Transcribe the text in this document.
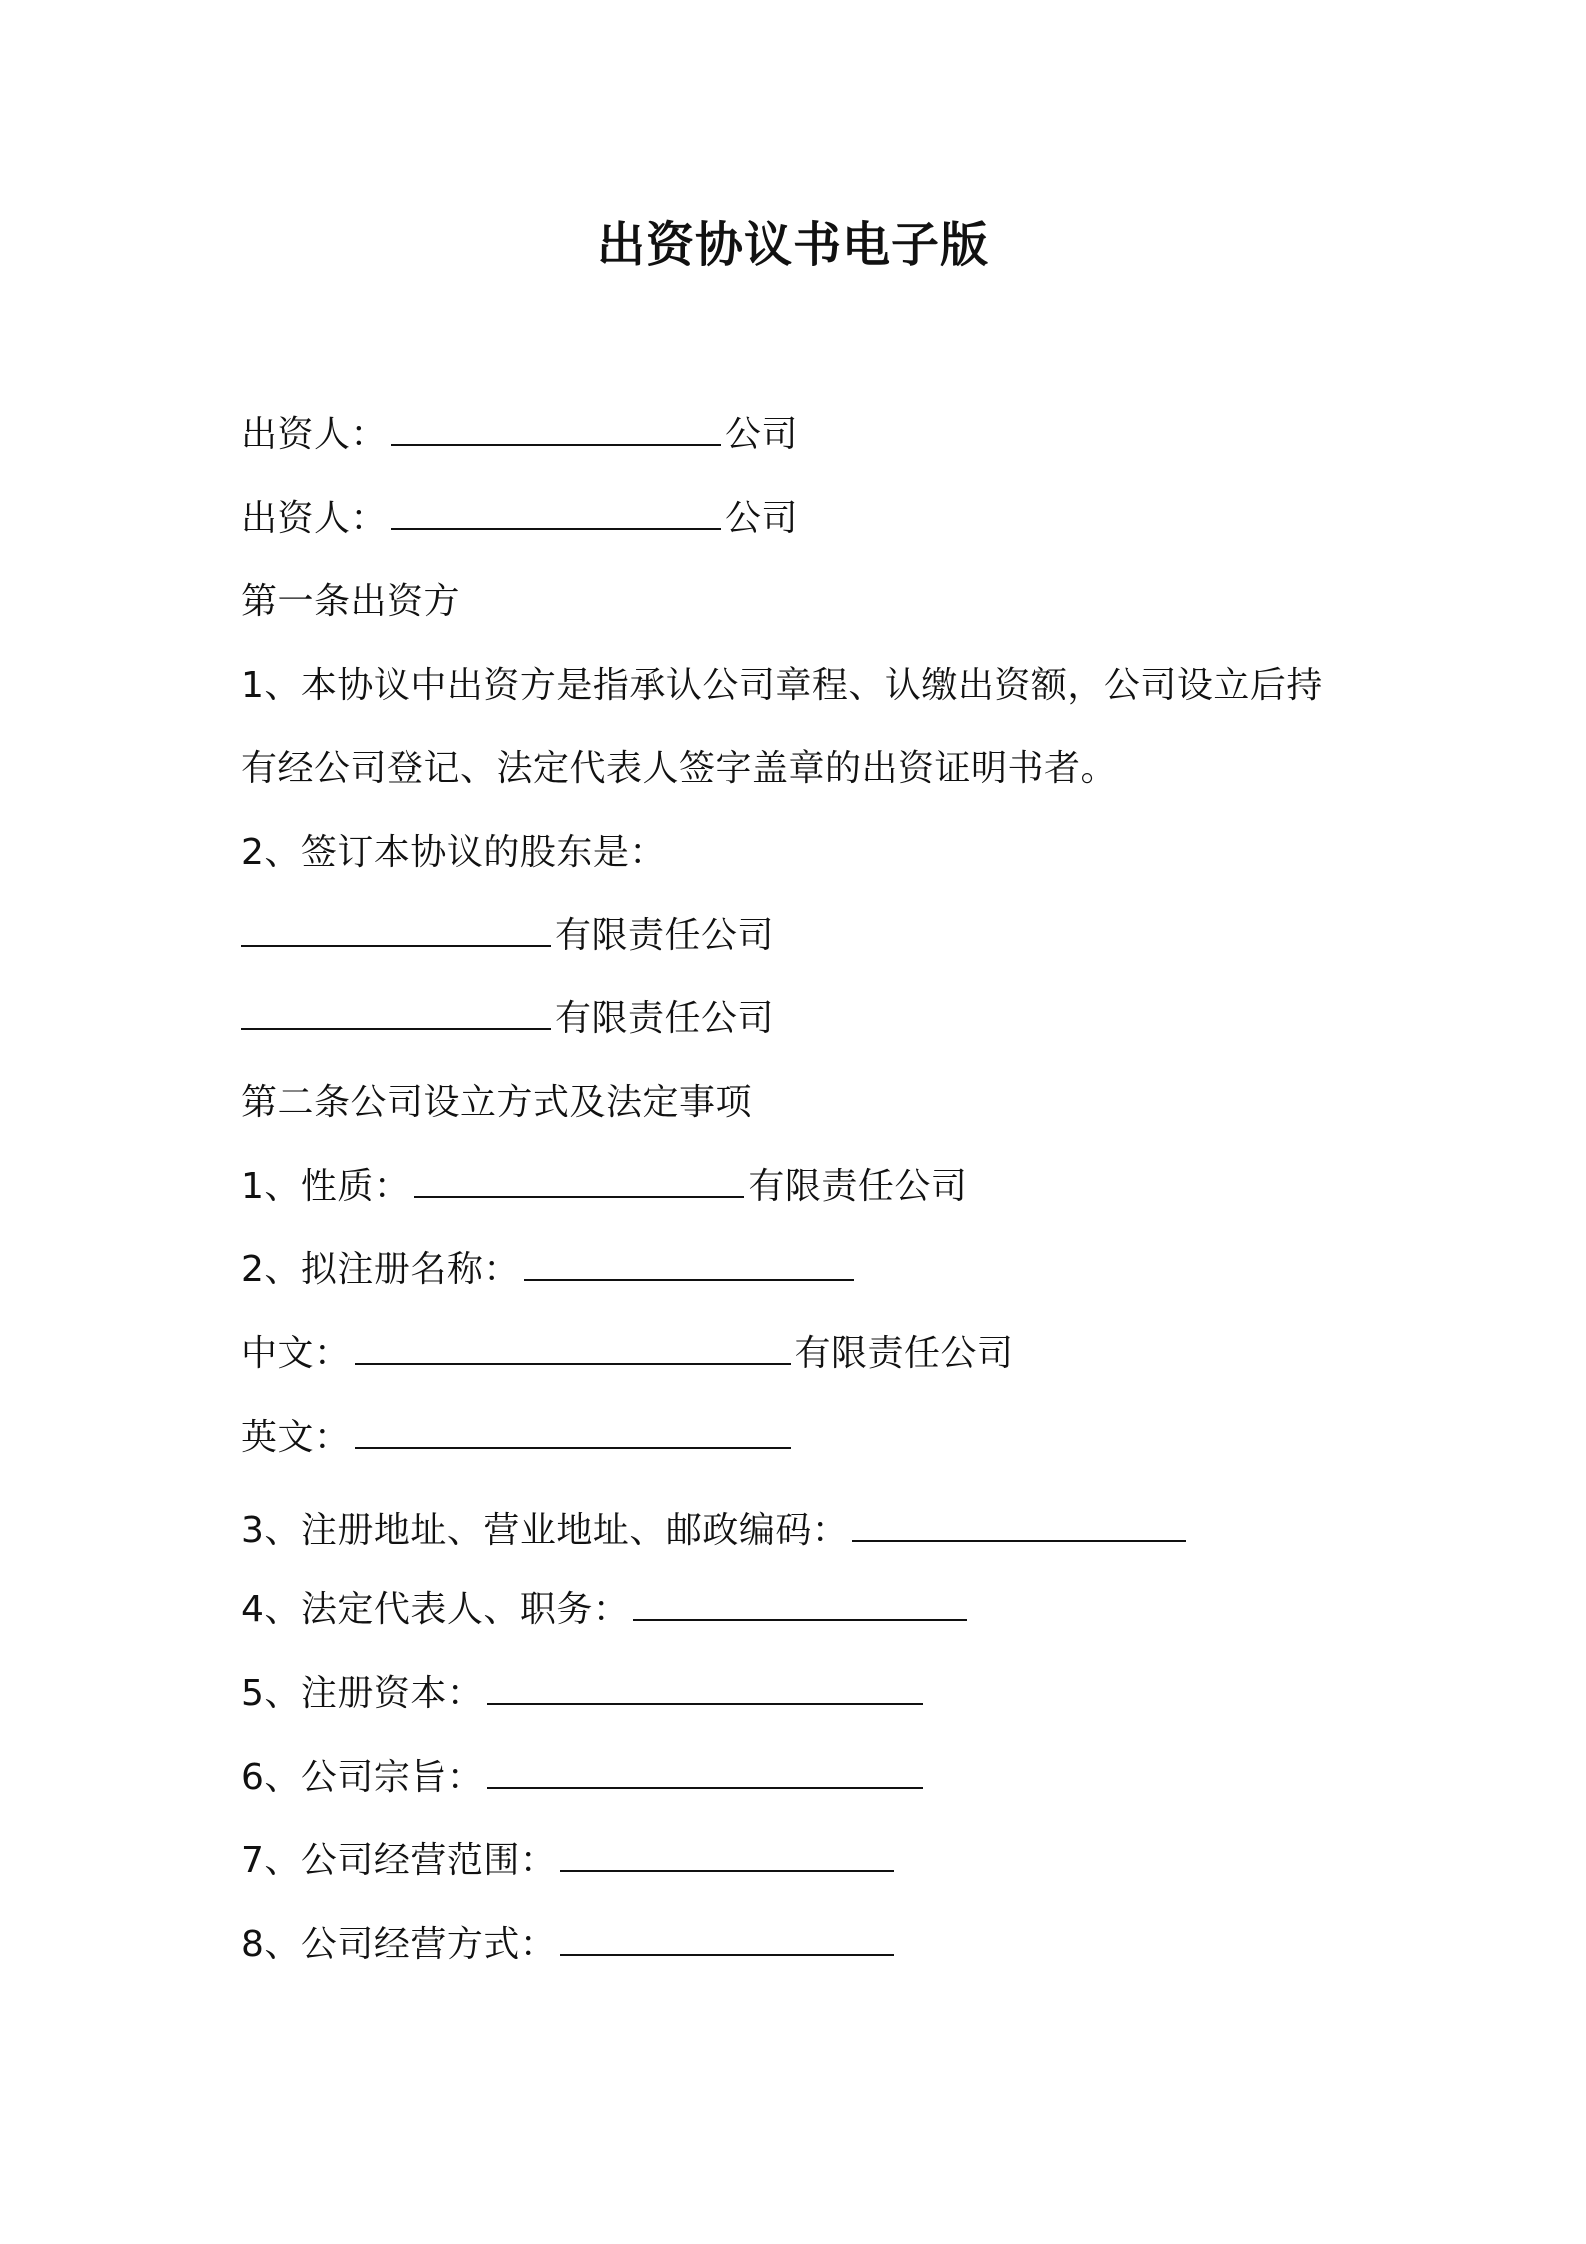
出资协议书电子版
出资人：	公司
出资人：	公司
第一条出资方
1、本协议中出资方是指承认公司章程、认缴出资额，公司设立后持
有经公司登记、法定代表人签字盖章的出资证明书者。
2、签订本协议的股东是：
有限责任公司
有限责任公司
第二条公司设立方式及法定事项
1、性质：	有限责任公司
2、拟注册名称：
中文：	有限责任公司
英文：
3、注册地址、营业地址、邮政编码：
4、法定代表人、职务：
5、注册资本：
6、公司宗旨：
7、公司经营范围：
8、公司经营方式：
